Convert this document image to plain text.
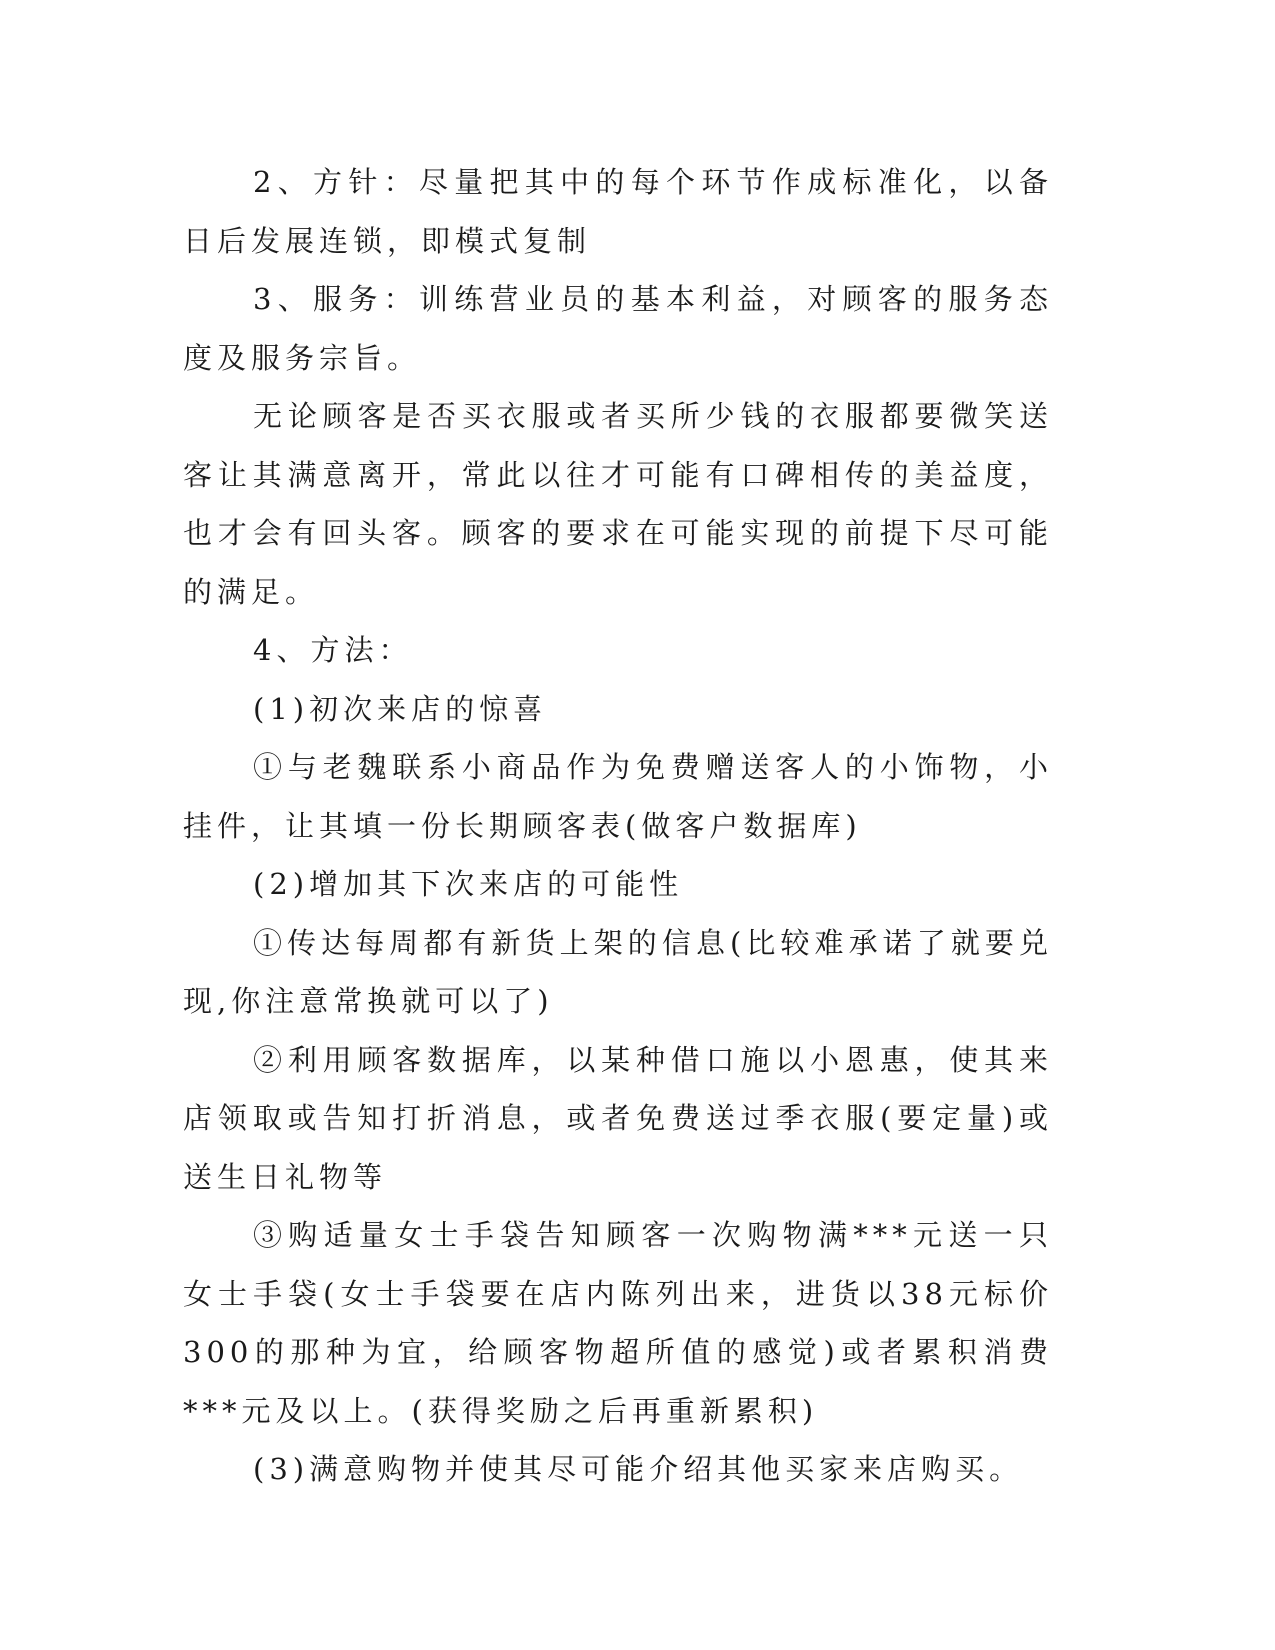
2、方针：尽量把其中的每个环节作成标准化，以备日后发展连锁，即模式复制

3、服务：训练营业员的基本利益，对顾客的服务态度及服务宗旨。

无论顾客是否买衣服或者买所少钱的衣服都要微笑送客让其满意离开，常此以往才可能有口碑相传的美益度，也才会有回头客。顾客的要求在可能实现的前提下尽可能的满足。

4、方法：

(1)初次来店的惊喜

①与老魏联系小商品作为免费赠送客人的小饰物，小挂件，让其填一份长期顾客表(做客户数据库)

(2)增加其下次来店的可能性

①传达每周都有新货上架的信息(比较难承诺了就要兑现,你注意常换就可以了)

②利用顾客数据库，以某种借口施以小恩惠，使其来店领取或告知打折消息，或者免费送过季衣服(要定量)或送生日礼物等

③购适量女士手袋告知顾客一次购物满***元送一只女士手袋(女士手袋要在店内陈列出来，进货以38元标价300的那种为宜，给顾客物超所值的感觉)或者累积消费***元及以上。(获得奖励之后再重新累积)

(3)满意购物并使其尽可能介绍其他买家来店购买。
